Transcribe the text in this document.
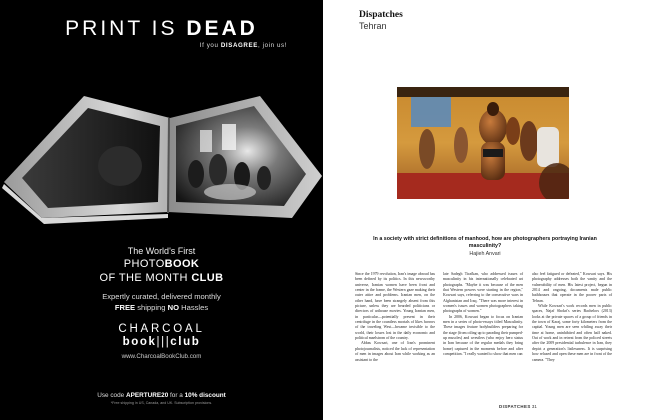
PRINT IS DEAD
If you DISAGREE, join us!
The World's First
PHOTOBOOK
OF THE MONTH CLUB
Expertly curated, delivered monthly
FREE shipping NO Hassles
CHARCOAL
book|||club
www.CharcoalBookClub.com
Use code APERTURE20 for a 10% discount
*Free shipping in US, Canada, and UK. Subscription provisions.
Dispatches
Tehran
In a society with strict definitions of manhood, how are photographers portraying Iranian masculinity?
Hajieh Anvari

Since the 1979 revolution, Iran's image abroad has been defined by its politics. In this newsworthy universe, Iranian women have been front and center in the frame, the Western gaze making their outer attire and problems. Iranian men, on the other hand, have been strangely absent from this picture, unless they are bearded politicians or directors of arthouse movies. Young Iranian men, in particular—potentially present in their centrifuge in the countless mortals of likes horrors of the traveling West—became invisible to the world, their losses lost in the daily economic and political maelstrom of the country.

Abbas Kowsari, one of Iran's prominent photojournalists, noticed the lack of representation of men in images about Iran while working as an assistant to the

late Sadegh Tirafkan, who addressed issues of masculinity in his internationally celebrated art photographs. "Maybe it was because of the men that Western powers were starting in the region," Kowsari says, referring to the consecutive wars in Afghanistan and Iraq. "There was more interest in women's issues and women photographers taking photographs of women."

In 2006, Kowsari began to focus on Iranian men in a series of photo-essays titled Masculinity. These images feature bodybuilders preparing for the stage (from oiling up to parading their pumped-up muscles) and wrestlers (who enjoy hero status in Iran because of the regular medals they bring home) captured in the moments before and after competition. "I really wanted to show that men can

also feel fatigued or defeated," Kowsari says. His photography addresses both the vanity and the vulnerability of men. His latest project, begun in 2014 and ongoing, documents male public bathhouses that operate in the poorer parts of Tehran.

While Kowsari's work records men in public spaces, Najaf Shokri's series Bachelors (2013) looks at the private spaces of a group of friends in the town of Karaj, some forty kilometers from the capital. Young men are seen whiling away their time at home, uninhibited and often half naked. Out of work and in retreat from the policed streets after the 2009 presidential turbulence in Iran, they depict a generation's listlessness. It is surprising how relaxed and open these men are in front of the camera. "They

DISPATCHES 31
